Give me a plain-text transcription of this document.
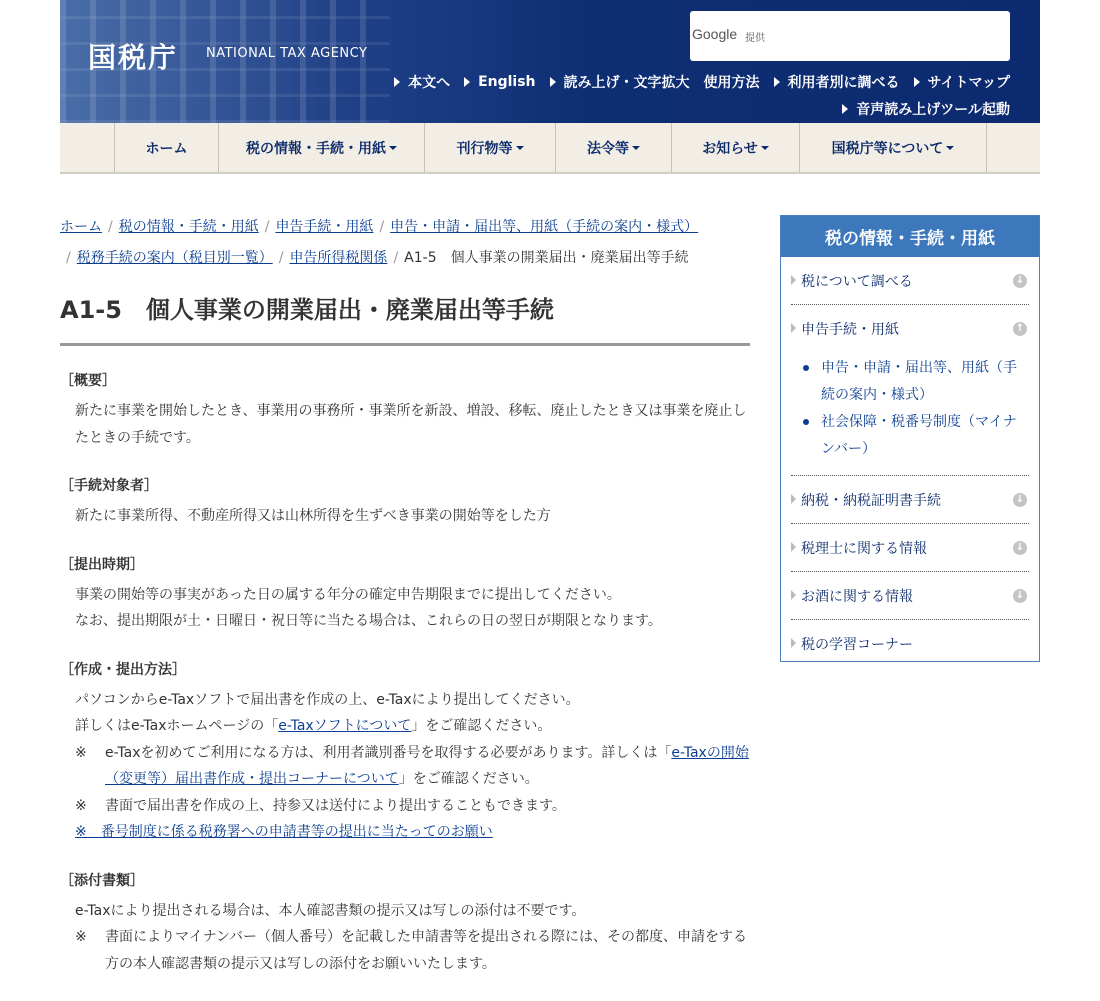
国税庁 NATIONAL TAX AGENCY
Google 提供
本文へ English 読み上げ・文字拡大 使用方法 利用者別に調べる サイトマップ
音声読み上げツール起動
ホーム	税の情報・手続・用紙	刊行物等	法令等	お知らせ	国税庁等について
ホーム / 税の情報・手続・用紙 / 申告手続・用紙 / 申告・申請・届出等、用紙（手続の案内・様式）
/ 税務手続の案内（税目別一覧） / 申告所得税関係 / A1-5　個人事業の開業届出・廃業届出等手続
A1-5　個人事業の開業届出・廃業届出等手続
［概要］
新たに事業を開始したとき、事業用の事務所・事業所を新設、増設、移転、廃止したとき又は事業を廃止したときの手続です。
［手続対象者］
新たに事業所得、不動産所得又は山林所得を生ずべき事業の開始等をした方
［提出時期］
事業の開始等の事実があった日の属する年分の確定申告期限までに提出してください。
なお、提出期限が土・日曜日・祝日等に当たる場合は、これらの日の翌日が期限となります。
［作成・提出方法］
パソコンからe-Taxソフトで届出書を作成の上、e-Taxにより提出してください。
詳しくはe-Taxホームページの「e-Taxソフトについて」をご確認ください。
※ e-Taxを初めてご利用になる方は、利用者識別番号を取得する必要があります。詳しくは「e-Taxの開始（変更等）届出書作成・提出コーナーについて」をご確認ください。
※ 書面で届出書を作成の上、持参又は送付により提出することもできます。
※　番号制度に係る税務署への申請書等の提出に当たってのお願い
［添付書類］
e-Taxにより提出される場合は、本人確認書類の提示又は写しの添付は不要です。
※ 書面によりマイナンバー（個人番号）を記載した申請書等を提出される際には、その都度、申請をする方の本人確認書類の提示又は写しの添付をお願いいたします。
税の情報・手続・用紙
税について調べる	↓
申告手続・用紙	↑
申告・申請・届出等、用紙（手続の案内・様式）
社会保障・税番号制度（マイナンバー）
納税・納税証明書手続	↓
税理士に関する情報	↓
お酒に関する情報	↓
税の学習コーナー
